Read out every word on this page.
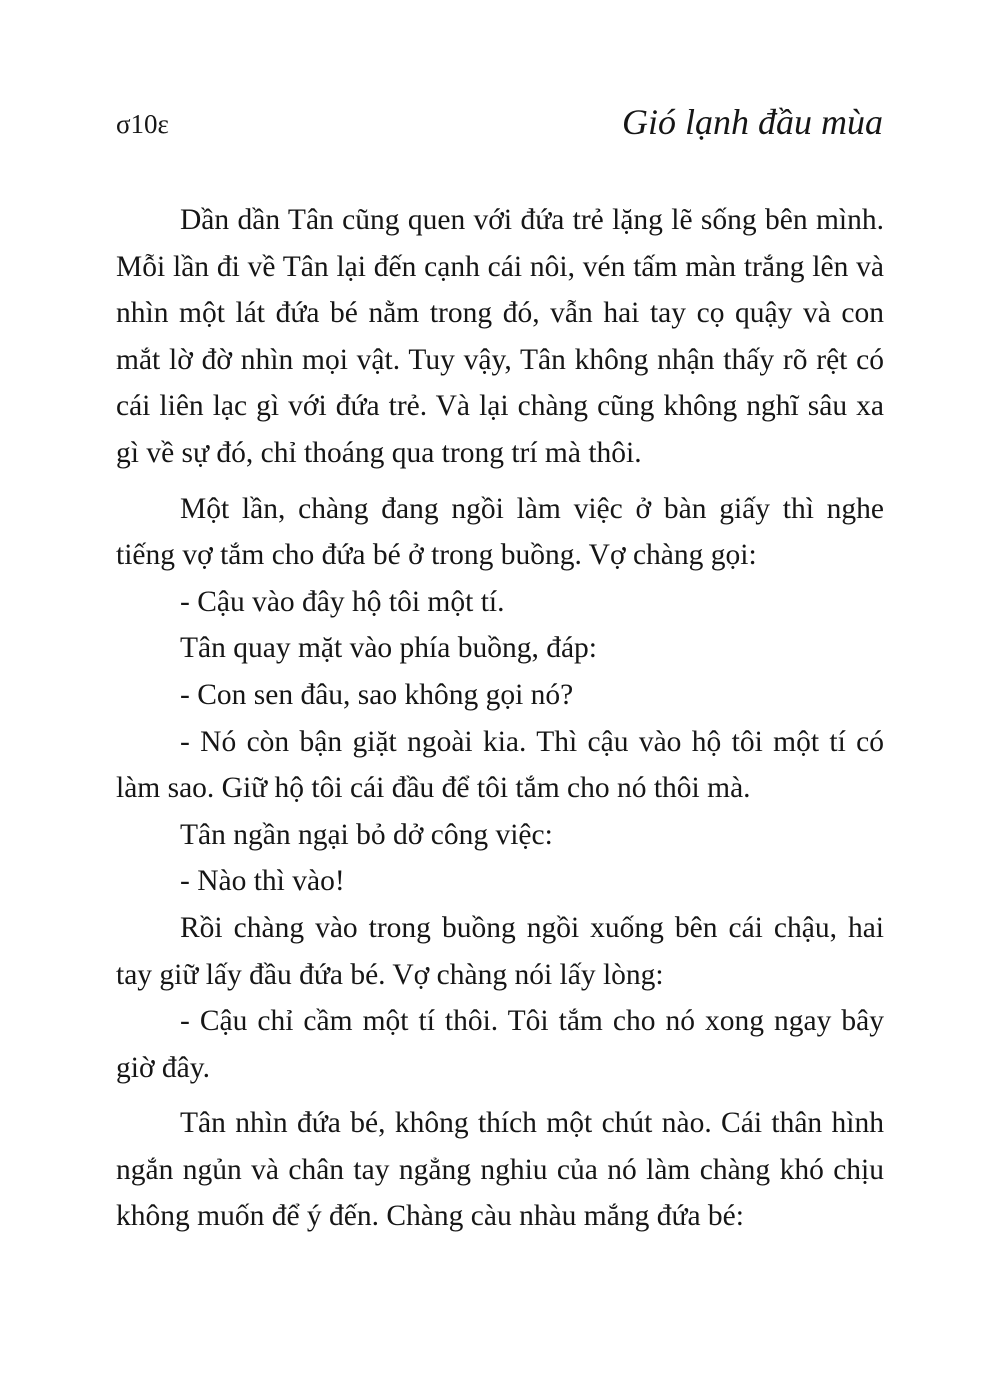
σ10ε	Gió lạnh đầu mùa

Dần dần Tân cũng quen với đứa trẻ lặng lẽ sống bên mình. Mỗi lần đi về Tân lại đến cạnh cái nôi, vén tấm màn trắng lên và nhìn một lát đứa bé nằm trong đó, vẫn hai tay cọ quậy và con mắt lờ đờ nhìn mọi vật. Tuy vậy, Tân không nhận thấy rõ rệt có cái liên lạc gì với đứa trẻ. Và lại chàng cũng không nghĩ sâu xa gì về sự đó, chỉ thoáng qua trong trí mà thôi.

Một lần, chàng đang ngồi làm việc ở bàn giấy thì nghe tiếng vợ tắm cho đứa bé ở trong buồng. Vợ chàng gọi:

- Cậu vào đây hộ tôi một tí.

Tân quay mặt vào phía buồng, đáp:

- Con sen đâu, sao không gọi nó?

- Nó còn bận giặt ngoài kia. Thì cậu vào hộ tôi một tí có làm sao. Giữ hộ tôi cái đầu để tôi tắm cho nó thôi mà.

Tân ngần ngại bỏ dở công việc:

- Nào thì vào!

Rồi chàng vào trong buồng ngồi xuống bên cái chậu, hai tay giữ lấy đầu đứa bé. Vợ chàng nói lấy lòng:

- Cậu chỉ cầm một tí thôi. Tôi tắm cho nó xong ngay bây giờ đây.

Tân nhìn đứa bé, không thích một chút nào. Cái thân hình ngắn ngủn và chân tay ngẳng nghiu của nó làm chàng khó chịu không muốn để ý đến. Chàng càu nhàu mắng đứa bé:
